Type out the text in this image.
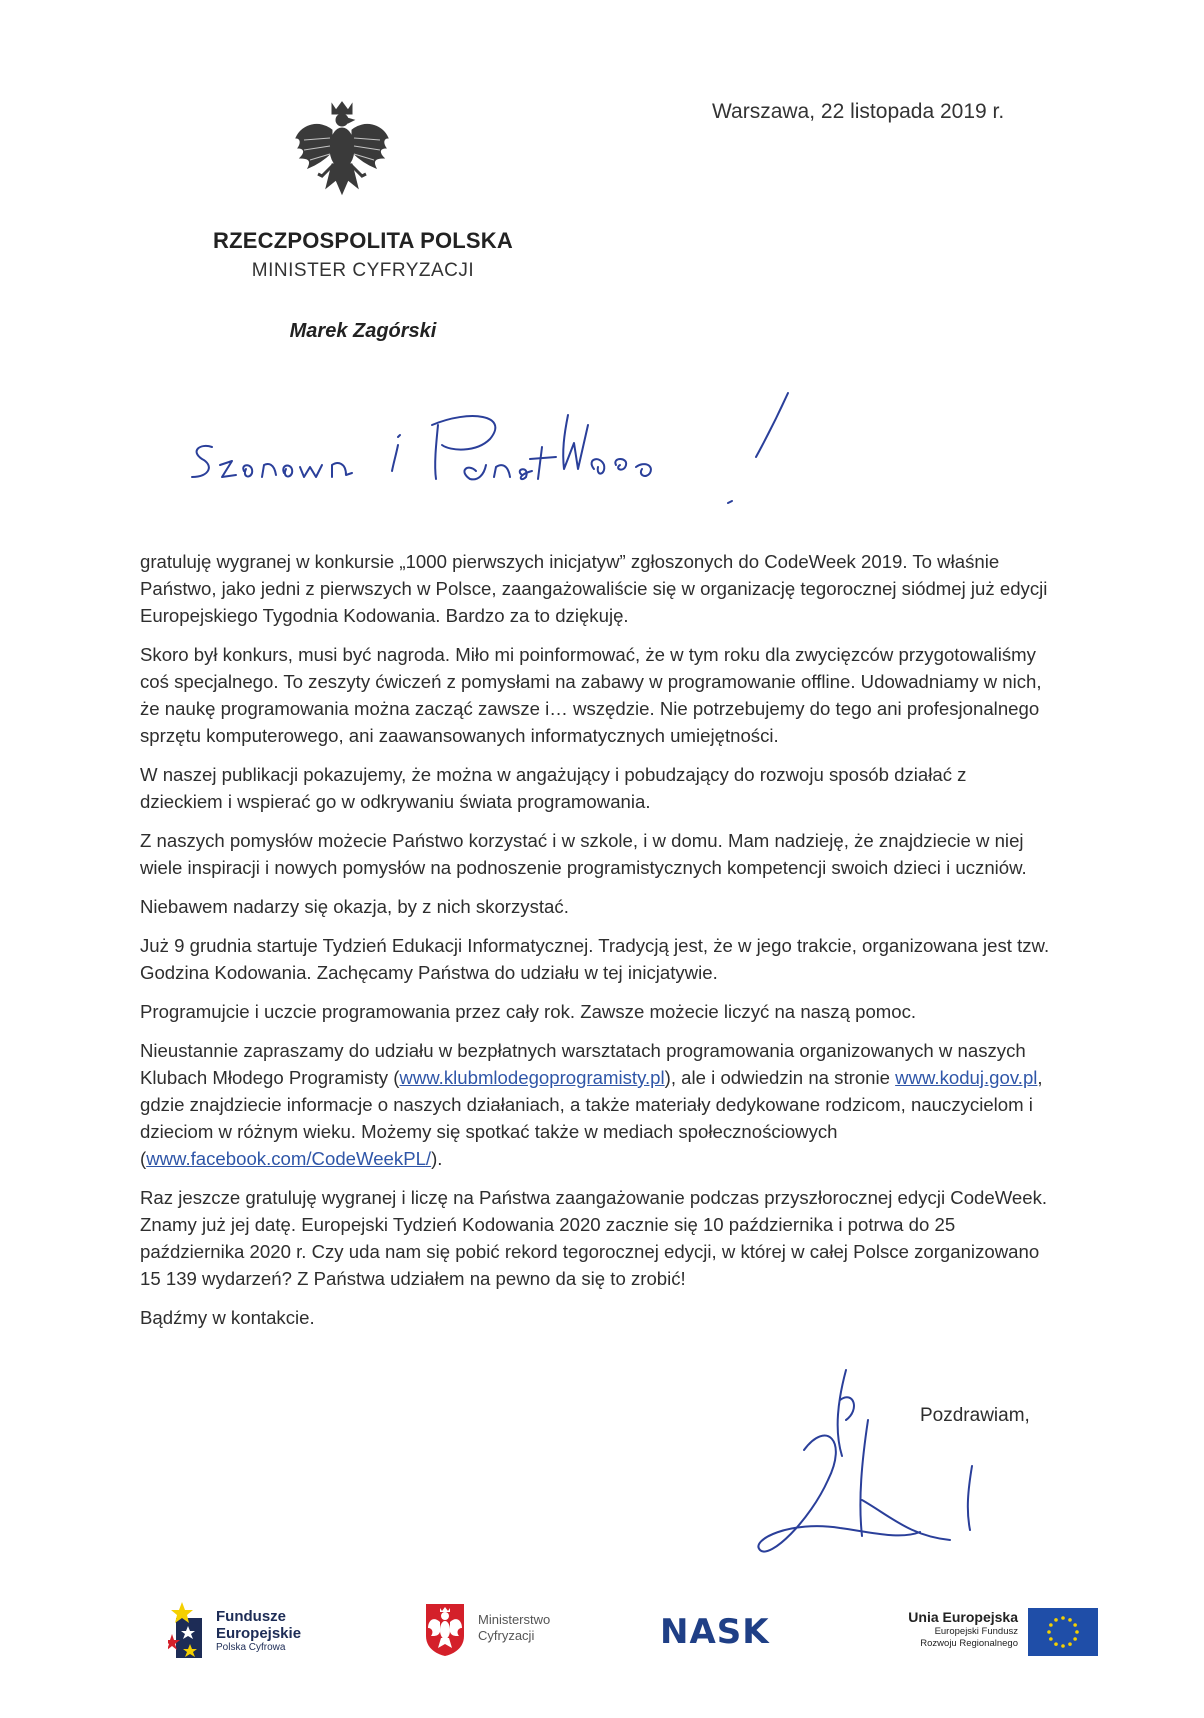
Warszawa, 22 listopada 2019 r.
RZECZPOSPOLITA POLSKA
MINISTER CYFRYZACJI
Marek Zagórski

gratuluję wygranej w konkursie „1000 pierwszych inicjatyw” zgłoszonych do CodeWeek 2019. To właśnie Państwo, jako jedni z pierwszych w Polsce, zaangażowaliście się w organizację tegorocznej siódmej już edycji Europejskiego Tygodnia Kodowania. Bardzo za to dziękuję.

Skoro był konkurs, musi być nagroda. Miło mi poinformować, że w tym roku dla zwycięzców przygotowaliśmy coś specjalnego. To zeszyty ćwiczeń z pomysłami na zabawy w programowanie offline. Udowadniamy w nich, że naukę programowania można zacząć zawsze i… wszędzie. Nie potrzebujemy do tego ani profesjonalnego sprzętu komputerowego, ani zaawansowanych informatycznych umiejętności.

W naszej publikacji pokazujemy, że można w angażujący i pobudzający do rozwoju sposób działać z dzieckiem i wspierać go w odkrywaniu świata programowania.

Z naszych pomysłów możecie Państwo korzystać i w szkole, i w domu. Mam nadzieję, że znajdziecie w niej wiele inspiracji i nowych pomysłów na podnoszenie programistycznych kompetencji swoich dzieci i uczniów.

Niebawem nadarzy się okazja, by z nich skorzystać.

Już 9 grudnia startuje Tydzień Edukacji Informatycznej. Tradycją jest, że w jego trakcie, organizowana jest tzw. Godzina Kodowania. Zachęcamy Państwa do udziału w tej inicjatywie.

Programujcie i uczcie programowania przez cały rok. Zawsze możecie liczyć na naszą pomoc.

Nieustannie zapraszamy do udziału w bezpłatnych warsztatach programowania organizowanych w naszych Klubach Młodego Programisty (www.klubmlodegoprogramisty.pl), ale i odwiedzin na stronie www.koduj.gov.pl, gdzie znajdziecie informacje o naszych działaniach, a także materiały dedykowane rodzicom, nauczycielom i dzieciom w różnym wieku. Możemy się spotkać także w mediach społecznościowych (www.facebook.com/CodeWeekPL/).

Raz jeszcze gratuluję wygranej i liczę na Państwa zaangażowanie podczas przyszłorocznej edycji CodeWeek. Znamy już jej datę. Europejski Tydzień Kodowania 2020 zacznie się 10 października i potrwa do 25 października 2020 r. Czy uda nam się pobić rekord tegorocznej edycji, w której w całej Polsce zorganizowano 15 139 wydarzeń? Z Państwa udziałem na pewno da się to zrobić!

Bądźmy w kontakcie.

Pozdrawiam,
Fundusze
Europejskie
Polska Cyfrowa
Ministerstwo
Cyfryzacji	NASK	Unia Europejska
Europejski Fundusz
Rozwoju Regionalnego
